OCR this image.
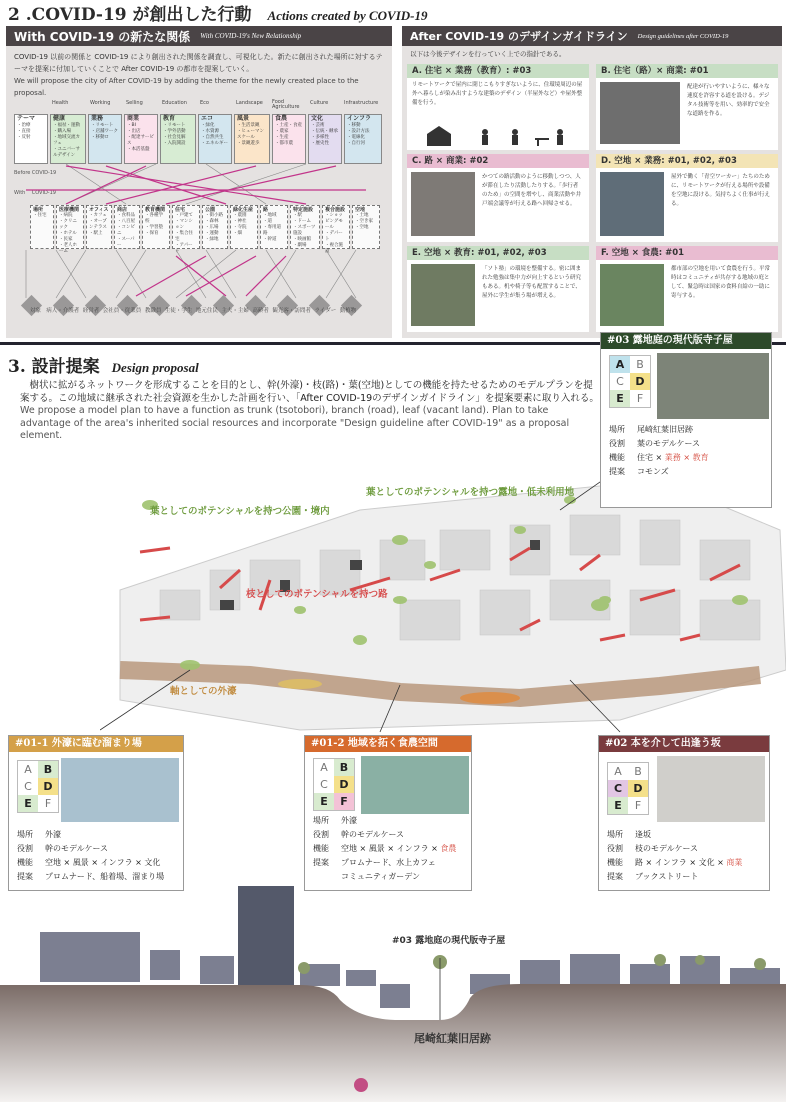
2 .COVID-19 が創出した行動 Actions created by COVID-19
With COVID-19 の新たな関係 With COVID-19's New Relationship
COVID-19 以前の関係と COVID-19 により創出された関係を調査し、可視化した。新たに創出された場所に対するテーマを提案に付加していくことで After COVID-19 の都市を提案していく。
We will propose the city of After COVID-19 by adding the theme for the newly created place to the proposal.
Health	Working	Selling	Education	Eco	Landscape Food Agriculture
Culture	Infrastructure
テーマ
・治療
・直接
・反射
健康
・福祉・運動
・購入場
・地域交流カフェ
・ユニバーサルデザイン
業務
・リモート
・店舗ワーク
・移動ロ
商業
・BI
・出店
・配達サービス
・本活基盤
教育
・リモート
・学外活動
・社会見解
・入院開設
エコ
・緑化
・水資源
・自然共生
・エネルギー
風景
・生活景観
・ヒューマンスケール
・景観遊歩
食農
・土産・食産
・農家
・生産
・都市農
文化
・芸術
・伝統・継承
・多様性
・歴史性
インフラ
・移動
・設計方法
・電線化
・自行河
Before COVID-19
With COVID-19
場所
・住宅
医療機関
・病院
・クリニック
・ホテル
・民家
・老人ホーム
オフィス
・カフェ
・オープンテラス
・駅上
商店
・食料品
・八百屋
・コンビニ
・スーパー
教育機関
・各種学校
・学習塾
・保育
住宅
・戸建て
・マンション
・集合住宅
・アパート
公園
・街小路
・森林
・広場
・運動
・緑地
緑化生産
・農園
・神社
・寺院
・畑
路
・地域
・道
・専用道路
・幹道
特定施設
・駅
・ドーム
・スポーツ施設
・映画館
・劇場
複合施設
・ショッピングモール
・デパート
・複合施設
空地
・土地
・空き家
・空地
対象 病人・介護者 経営者 会社員・従業員 教職員 生徒・学生 地元住民 主夫・主婦 高齢者 観光客・訪問者 ライダー 動植物
After COVID-19 のデザインガイドライン Design guidelines after COVID-19
以下は今後デザインを行っていく上での指針である。
A. 住宅 × 業務（教育）: #03
リモートワークで屋内に閉じこもりすぎないように、住環境周辺の屋外へ暮らしが染み出すような建築のデザイン（半屋外など）や屋外整備を行う。
B. 住宅（路）× 商業: #01
配達が行いやすいように、様々な速度を許容する道を設ける。デジタル技術等を用い、効率的で安全な道路を作る。
C. 路 × 商業: #02
かつての路活動のように移動しつつ、人が滞在したり活動したりする。「歩行者のため」の空間を増やし、商業活動や井戸端会議等が行える路へ回帰させる。
D. 空地 × 業務: #01, #02, #03
屋外で働く「青空ワーカー」たちのために、リモートワークが行える場所や設備を空地に設ける。気持ちよく仕事が行える。
E. 空地 × 教育: #01, #02, #03
「ソト塾」の環境を整備する。密に囲まれた勉強は集中力が向上するという研究もある。机や椅子等も配置することで、屋外に学生が集う場が増える。
F. 空地 × 食農: #01
都市部の空地を用いて食農を行う。平常時はコミュニティが共存する地域の庭として、緊急時は国家の食料自給の一助に寄与する。
3. 設計提案 Design proposal
樹状に拡がるネットワークを形成することを目的とし、幹(外濠)・枝(路)・葉(空地)としての機能を持たせるためのモデルプランを提案する。この地域に継承された社会資源を生かした計画を行い、「After COVID-19のデザインガイドライン」を提案要素に取り入れる。
We propose a model plan to have a function as trunk (tsotobori), branch (road), leaf (vacant land). Plan to take advantage of the area's inherited social resources and incorporate "Design guideline after COVID-19" as a proposal element.
葉としてのポテンシャルを持つ公園・境内
葉としてのポテンシャルを持つ露地・低未利用地
枝としてのポテンシャルを持つ路
軸としての外濠
#03 露地庭の現代版寺子屋
A	B
C	D
E	F
場所 尾崎紅葉旧居跡
役割 葉のモデルケース
機能 住宅 × 業務 × 教育
提案 コモンズ
#01-1 外濠に臨む溜まり場
A	B
C	D
E	F
場所 外濠
役割 幹のモデルケース
機能 空地 × 風景 × インフラ × 文化
提案 プロムナード、船着場、溜まり場
#01-2 地域を拓く食農空間
A	B
C	D
E	F
場所 外濠
役割 幹のモデルケース
機能 空地 × 風景 × インフラ × 食農
提案 プロムナード、水上カフェ
コミュニティガーデン
#02 本を介して出逢う坂
A	B
C	D
E	F
場所 逢坂
役割 枝のモデルケース
機能 路 × インフラ × 文化 × 商業
提案 ブックストリート
#03 露地庭の現代版寺子屋
尾崎紅葉旧居跡
